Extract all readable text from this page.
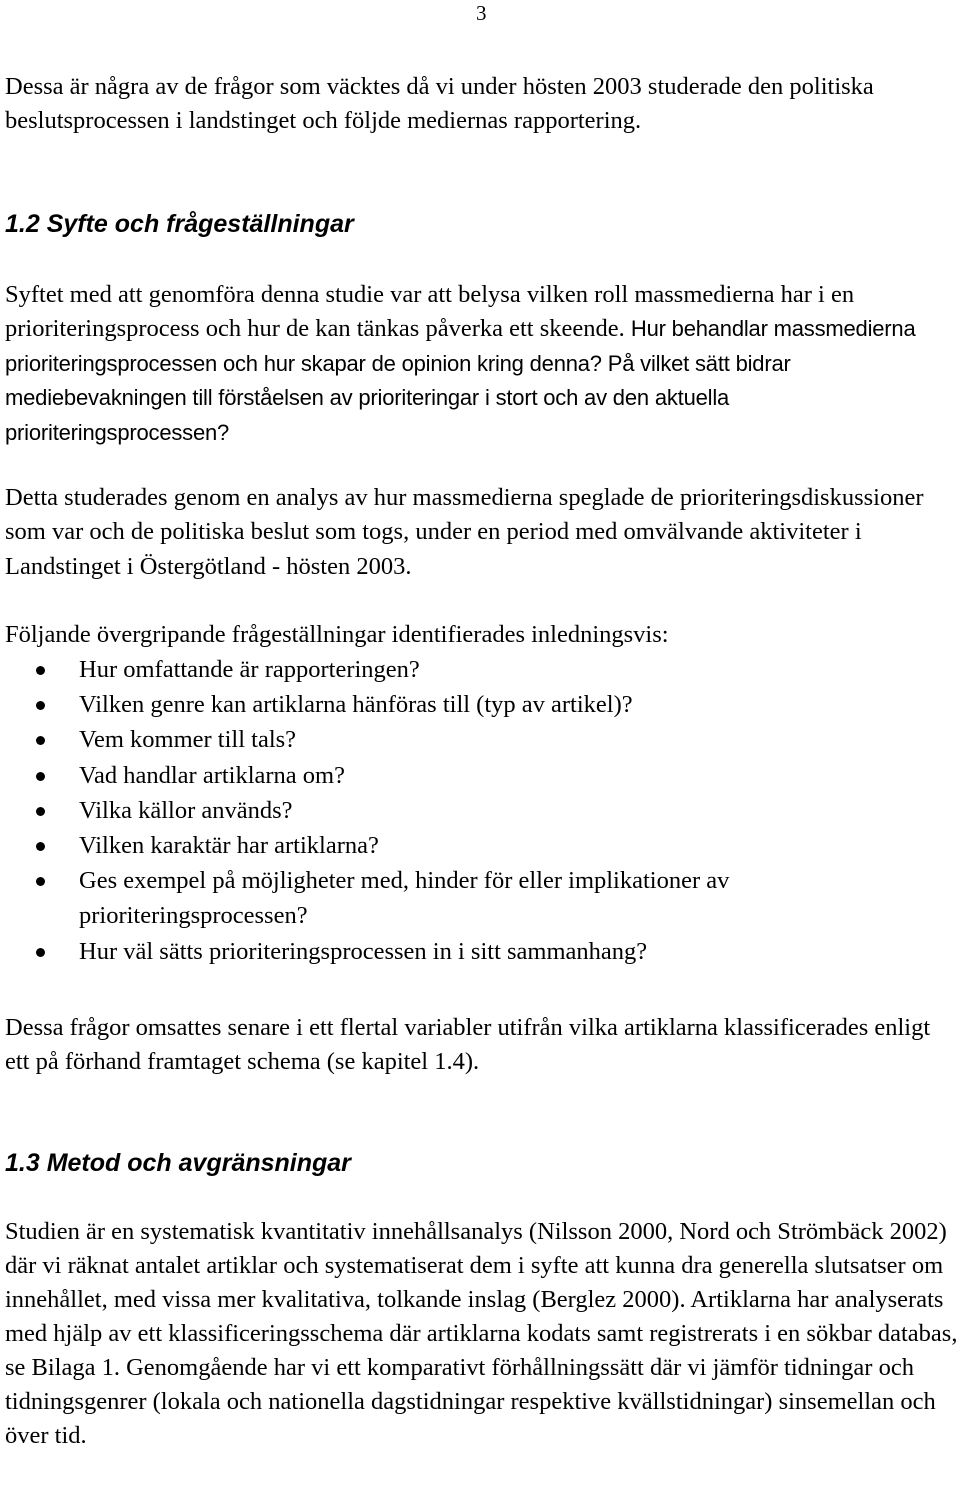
3

Dessa är några av de frågor som väcktes då vi under hösten 2003 studerade den politiska beslutsprocessen i landstinget och följde mediernas rapportering.

1.2 Syfte och frågeställningar

Syftet med att genomföra denna studie var att belysa vilken roll massmedierna har i en prioriteringsprocess och hur de kan tänkas påverka ett skeende. Hur behandlar massmedierna prioriteringsprocessen och hur skapar de opinion kring denna? På vilket sätt bidrar mediebevakningen till förståelsen av prioriteringar i stort och av den aktuella prioriteringsprocessen?

Detta studerades genom en analys av hur massmedierna speglade de prioriteringsdiskussioner som var och de politiska beslut som togs, under en period med omvälvande aktiviteter i Landstinget i Östergötland - hösten 2003.

Följande övergripande frågeställningar identifierades inledningsvis:

Hur omfattande är rapporteringen?
Vilken genre kan artiklarna hänföras till (typ av artikel)?
Vem kommer till tals?
Vad handlar artiklarna om?
Vilka källor används?
Vilken karaktär har artiklarna?
Ges exempel på möjligheter med, hinder för eller implikationer av prioriteringsprocessen?
Hur väl sätts prioriteringsprocessen in i sitt sammanhang?

Dessa frågor omsattes senare i ett flertal variabler utifrån vilka artiklarna klassificerades enligt ett på förhand framtaget schema (se kapitel 1.4).

1.3 Metod och avgränsningar

Studien är en systematisk kvantitativ innehållsanalys (Nilsson 2000, Nord och Strömbäck 2002) där vi räknat antalet artiklar och systematiserat dem i syfte att kunna dra generella slutsatser om innehållet, med vissa mer kvalitativa, tolkande inslag (Berglez 2000). Artiklarna har analyserats med hjälp av ett klassificeringsschema där artiklarna kodats samt registrerats i en sökbar databas, se Bilaga 1. Genomgående har vi ett komparativt förhållningssätt där vi jämför tidningar och tidningsgenrer (lokala och nationella dagstidningar respektive kvällstidningar) sinsemellan och över tid.
